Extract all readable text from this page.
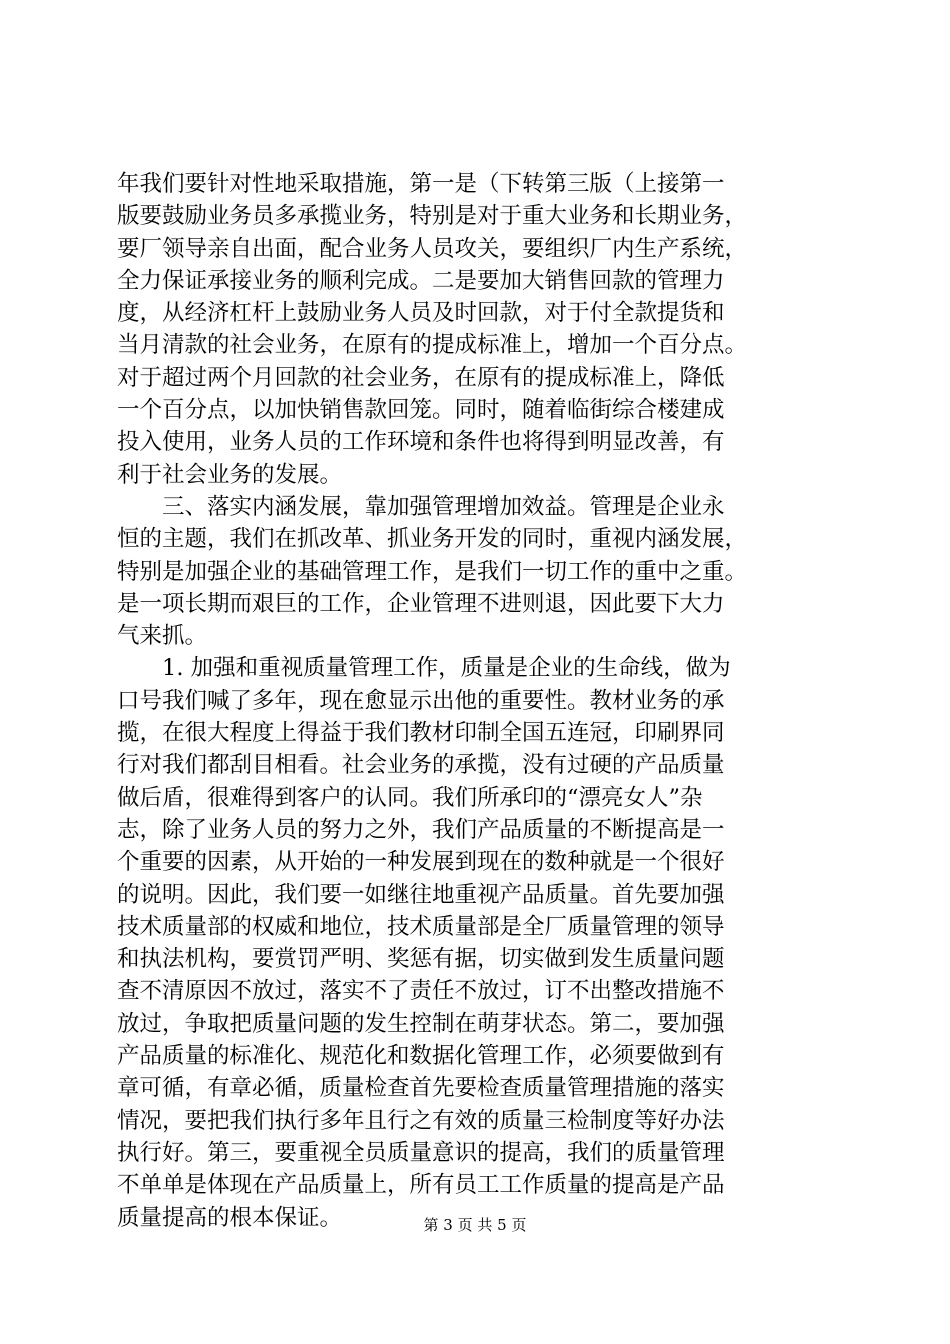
年我们要针对性地采取措施，第一是（下转第三版（上接第一
版要鼓励业务员多承揽业务，特别是对于重大业务和长期业务，
要厂领导亲自出面，配合业务人员攻关，要组织厂内生产系统，
全力保证承接业务的顺利完成。二是要加大销售回款的管理力
度，从经济杠杆上鼓励业务人员及时回款，对于付全款提货和
当月清款的社会业务，在原有的提成标准上，增加一个百分点。
对于超过两个月回款的社会业务，在原有的提成标准上，降低
一个百分点，以加快销售款回笼。同时，随着临街综合楼建成
投入使用，业务人员的工作环境和条件也将得到明显改善，有
利于社会业务的发展。
　　三、落实内涵发展，靠加强管理增加效益。管理是企业永
恒的主题，我们在抓改革、抓业务开发的同时，重视内涵发展，
特别是加强企业的基础管理工作，是我们一切工作的重中之重。
是一项长期而艰巨的工作，企业管理不进则退，因此要下大力
气来抓。
　　1. 加强和重视质量管理工作，质量是企业的生命线，做为
口号我们喊了多年，现在愈显示出他的重要性。教材业务的承
揽，在很大程度上得益于我们教材印制全国五连冠，印刷界同
行对我们都刮目相看。社会业务的承揽，没有过硬的产品质量
做后盾，很难得到客户的认同。我们所承印的“漂亮女人”杂
志，除了业务人员的努力之外，我们产品质量的不断提高是一
个重要的因素，从开始的一种发展到现在的数种就是一个很好
的说明。因此，我们要一如继往地重视产品质量。首先要加强
技术质量部的权威和地位，技术质量部是全厂质量管理的领导
和执法机构，要赏罚严明、奖惩有据，切实做到发生质量问题
查不清原因不放过，落实不了责任不放过，订不出整改措施不
放过，争取把质量问题的发生控制在萌芽状态。第二，要加强
产品质量的标准化、规范化和数据化管理工作，必须要做到有
章可循，有章必循，质量检查首先要检查质量管理措施的落实
情况，要把我们执行多年且行之有效的质量三检制度等好办法
执行好。第三，要重视全员质量意识的提高，我们的质量管理
不单单是体现在产品质量上，所有员工工作质量的提高是产品
质量提高的根本保证。	第 3 页 共 5 页
